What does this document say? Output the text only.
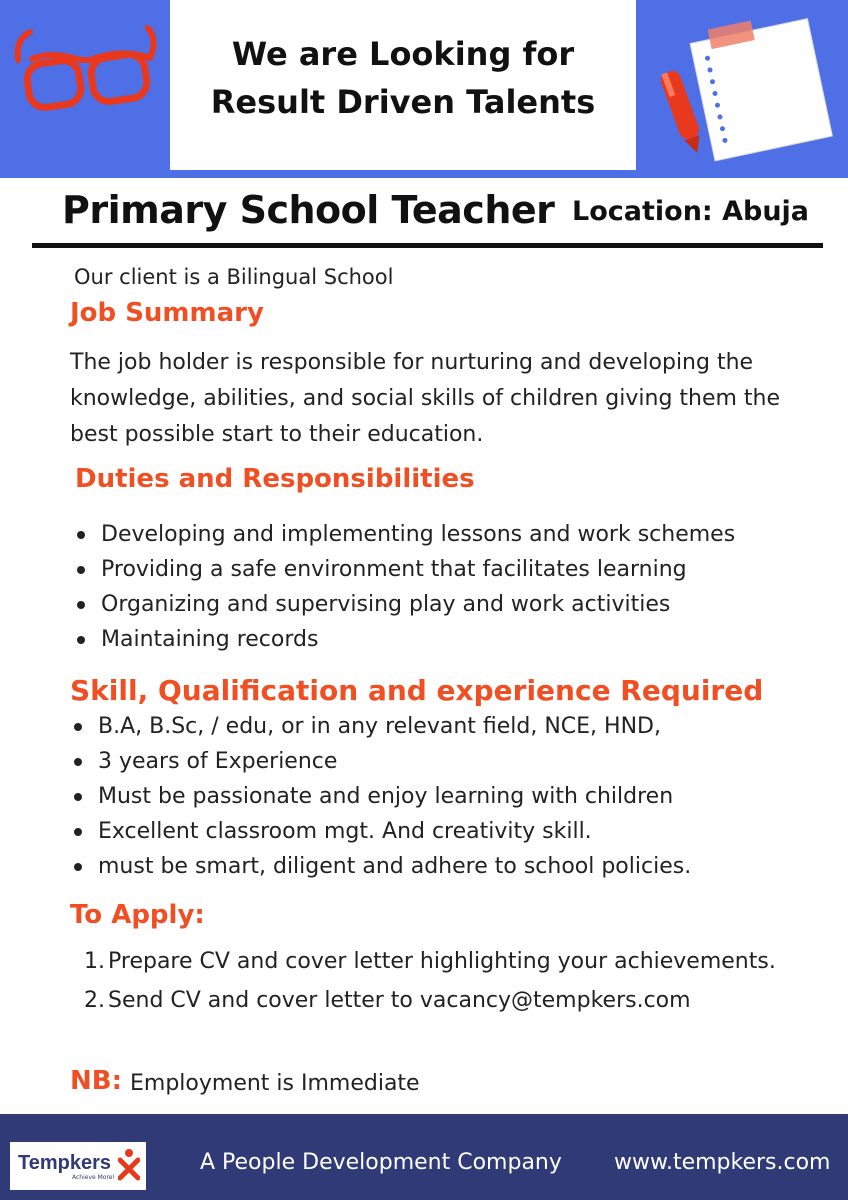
We are Looking for
Result Driven Talents
Primary School Teacher Location: Abuja
Our client is a Bilingual School
Job Summary
The job holder is responsible for nurturing and developing the knowledge, abilities, and social skills of children giving them the best possible start to their education.
Duties and Responsibilities
Developing and implementing lessons and work schemes
Providing a safe environment that facilitates learning
Organizing and supervising play and work activities
Maintaining records
Skill, Qualification and experience Required
B.A, B.Sc, / edu, or in any relevant field, NCE, HND,
3 years of Experience
Must be passionate and enjoy learning with children
Excellent classroom mgt. And creativity skill.
must be smart, diligent and adhere to school policies.
To Apply:
1. Prepare CV and cover letter highlighting your achievements.
2. Send CV and cover letter to vacancy@tempkers.com
NB: Employment is Immediate
Tempkers
Achieve More!
A People Development Company www.tempkers.com
